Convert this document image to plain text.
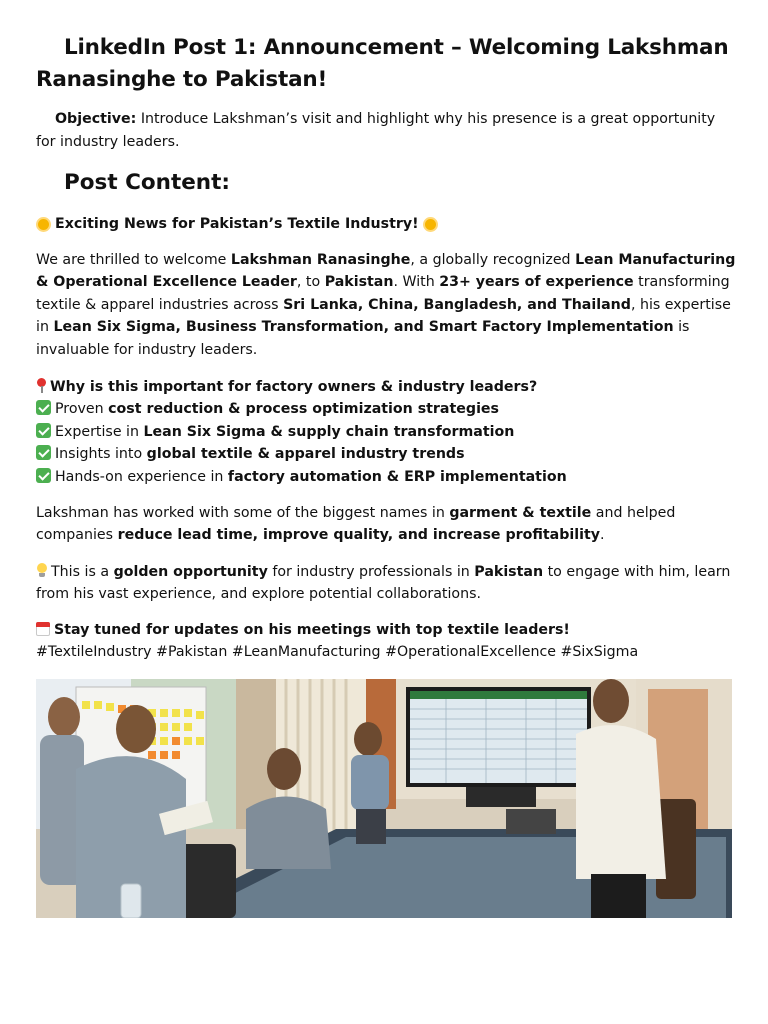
LinkedIn Post 1: Announcement – Welcoming Lakshman Ranasinghe to Pakistan!

Objective: Introduce Lakshman’s visit and highlight why his presence is a great opportunity for industry leaders.

Post Content:

Exciting News for Pakistan’s Textile Industry!

We are thrilled to welcome Lakshman Ranasinghe, a globally recognized Lean Manufacturing & Operational Excellence Leader, to Pakistan. With 23+ years of experience transforming textile & apparel industries across Sri Lanka, China, Bangladesh, and Thailand, his expertise in Lean Six Sigma, Business Transformation, and Smart Factory Implementation is invaluable for industry leaders.

Why is this important for factory owners & industry leaders?
Proven cost reduction & process optimization strategies
Expertise in Lean Six Sigma & supply chain transformation
Insights into global textile & apparel industry trends
Hands-on experience in factory automation & ERP implementation

Lakshman has worked with some of the biggest names in garment & textile and helped companies reduce lead time, improve quality, and increase profitability.

This is a golden opportunity for industry professionals in Pakistan to engage with him, learn from his vast experience, and explore potential collaborations.

Stay tuned for updates on his meetings with top textile leaders!

#TextileIndustry #Pakistan #LeanManufacturing #OperationalExcellence #SixSigma
